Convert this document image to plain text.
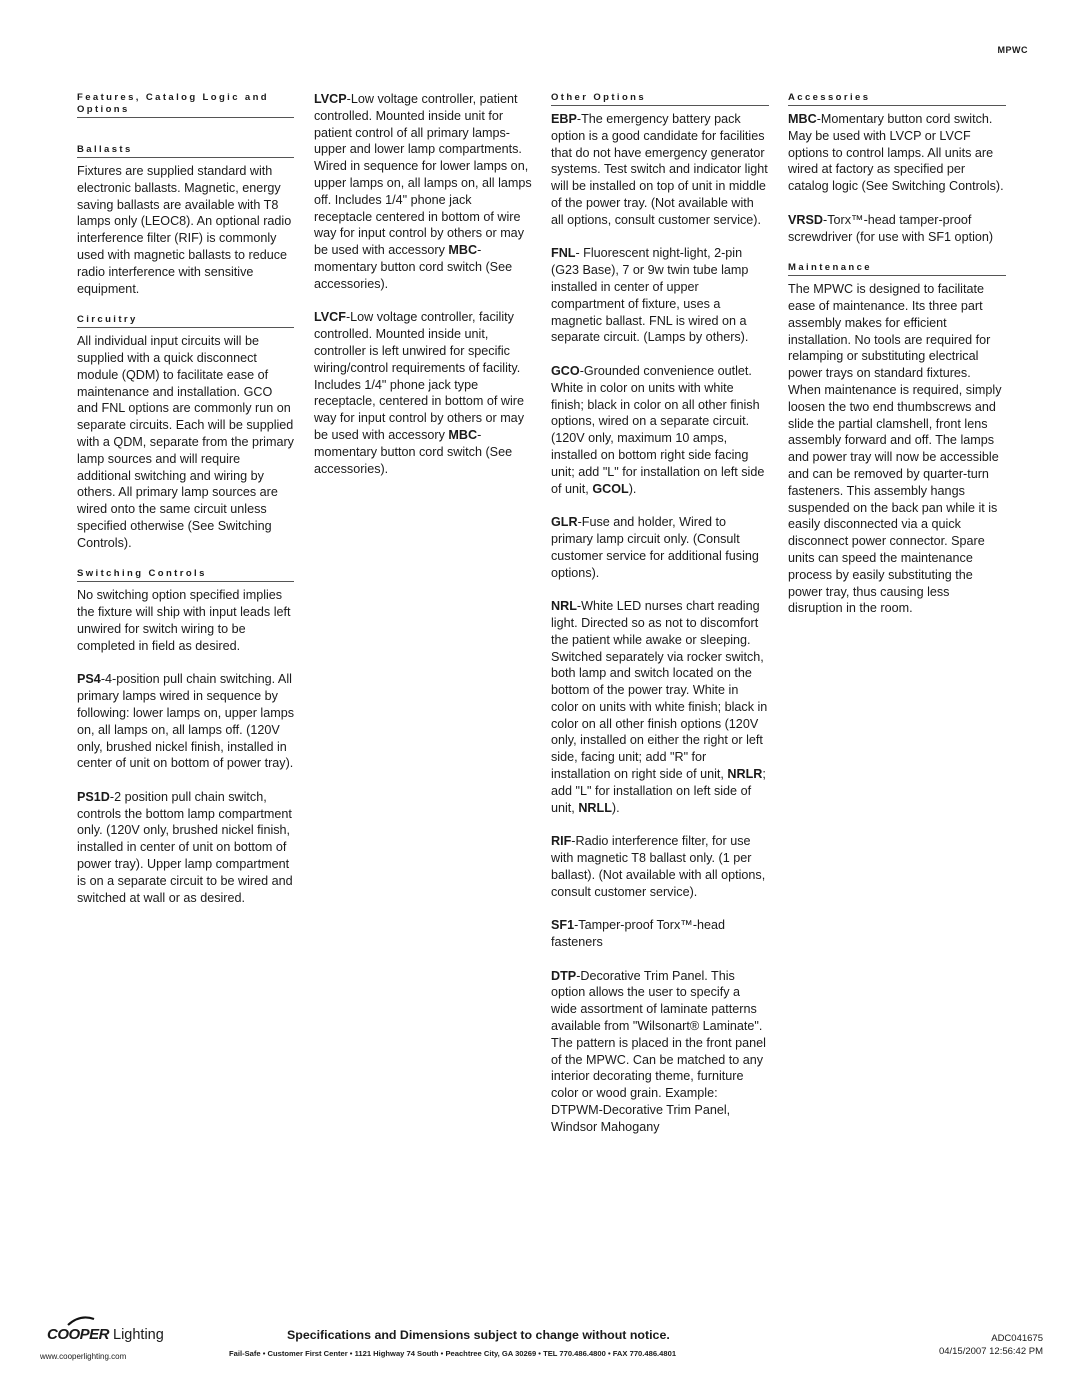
MPWC
Features, Catalog Logic and Options
Ballasts

Fixtures are supplied standard with electronic ballasts. Magnetic, energy saving ballasts are available with T8 lamps only (LEOC8). An optional radio interference filter (RIF) is commonly used with magnetic ballasts to reduce radio interference with sensitive equipment.

Circuitry

All individual input circuits will be supplied with a quick disconnect module (QDM) to facilitate ease of maintenance and installation. GCO and FNL options are commonly run on separate circuits. Each will be supplied with a QDM, separate from the primary lamp sources and will require additional switching and wiring by others. All primary lamp sources are wired onto the same circuit unless specified otherwise (See Switching Controls).

Switching Controls

No switching option specified implies the fixture will ship with input leads left unwired for switch wiring to be completed in field as desired.

PS4-4-position pull chain switching. All primary lamps wired in sequence by following: lower lamps on, upper lamps on, all lamps on, all lamps off. (120V only, brushed nickel finish, installed in center of unit on bottom of power tray).

PS1D-2 position pull chain switch, controls the bottom lamp compartment only. (120V only, brushed nickel finish, installed in center of unit on bottom of power tray). Upper lamp compartment is on a separate circuit to be wired and switched at wall or as desired.

LVCP-Low voltage controller, patient controlled. Mounted inside unit for patient control of all primary lamps-upper and lower lamp compartments. Wired in sequence for lower lamps on, upper lamps on, all lamps on, all lamps off. Includes 1/4" phone jack receptacle centered in bottom of wire way for input control by others or may be used with accessory MBC-momentary button cord switch (See accessories).

LVCF-Low voltage controller, facility controlled. Mounted inside unit, controller is left unwired for specific wiring/control requirements of facility. Includes 1/4" phone jack type receptacle, centered in bottom of wire way for input control by others or may be used with accessory MBC-momentary button cord switch (See accessories).

Other Options

EBP-The emergency battery pack option is a good candidate for facilities that do not have emergency generator systems. Test switch and indicator light will be installed on top of unit in middle of the power tray. (Not available with all options, consult customer service).

FNL- Fluorescent night-light, 2-pin (G23 Base), 7 or 9w twin tube lamp installed in center of upper compartment of fixture, uses a magnetic ballast. FNL is wired on a separate circuit. (Lamps by others).

GCO-Grounded convenience outlet. White in color on units with white finish; black in color on all other finish options, wired on a separate circuit. (120V only, maximum 10 amps, installed on bottom right side facing unit; add "L" for installation on left side of unit, GCOL).

GLR-Fuse and holder, Wired to primary lamp circuit only. (Consult customer service for additional fusing options).

NRL-White LED nurses chart reading light. Directed so as not to discomfort the patient while awake or sleeping. Switched separately via rocker switch, both lamp and switch located on the bottom of the power tray. White in color on units with white finish; black in color on all other finish options (120V only, installed on either the right or left side, facing unit; add "R" for installation on right side of unit, NRLR; add "L" for installation on left side of unit, NRLL).

RIF-Radio interference filter, for use with magnetic T8 ballast only. (1 per ballast). (Not available with all options, consult customer service).

SF1-Tamper-proof Torx™-head fasteners

DTP-Decorative Trim Panel. This option allows the user to specify a wide assortment of laminate patterns available from "Wilsonart® Laminate". The pattern is placed in the front panel of the MPWC. Can be matched to any interior decorating theme, furniture color or wood grain. Example: DTPWM-Decorative Trim Panel, Windsor Mahogany

Accessories

MBC-Momentary button cord switch. May be used with LVCP or LVCF options to control lamps. All units are wired at factory as specified per catalog logic (See Switching Controls).

VRSD-Torx™-head tamper-proof screwdriver (for use with SF1 option)

Maintenance

The MPWC is designed to facilitate ease of maintenance. Its three part assembly makes for efficient installation. No tools are required for relamping or substituting electrical power trays on standard fixtures. When maintenance is required, simply loosen the two end thumbscrews and slide the partial clamshell, front lens assembly forward and off. The lamps and power tray will now be accessible and can be removed by quarter-turn fasteners. This assembly hangs suspended on the back pan while it is easily disconnected via a quick disconnect power connector. Spare units can speed the maintenance process by easily substituting the power tray, thus causing less disruption in the room.

COOPER Lighting
www.cooperlighting.com
Specifications and Dimensions subject to change without notice.
Fail-Safe • Customer First Center • 1121 Highway 74 South • Peachtree City, GA 30269 • TEL 770.486.4800 • FAX 770.486.4801
ADC041675
04/15/2007 12:56:42 PM
